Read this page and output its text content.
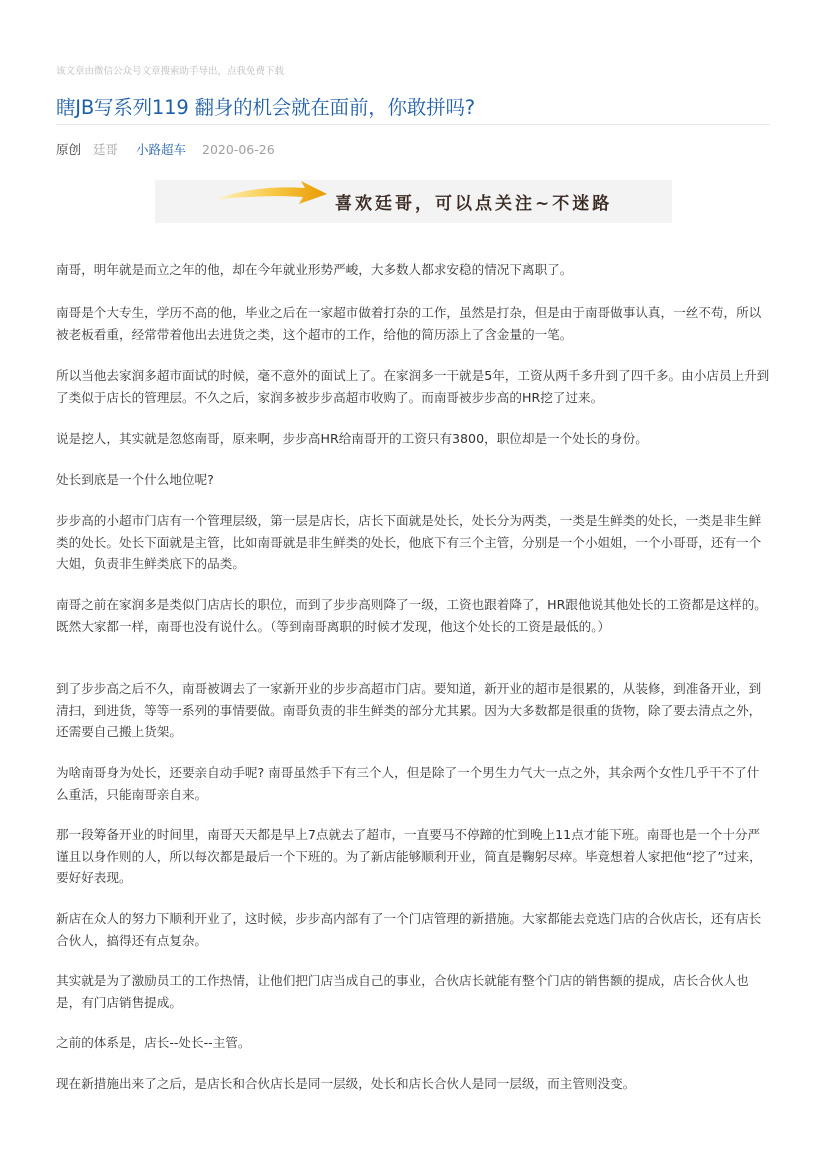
该文章由微信公众号文章搜索助手导出，点我免费下载
瞎JB写系列119 翻身的机会就在面前，你敢拼吗?
原创 廷哥 小路超车 2020-06-26
喜欢廷哥，可以点关注~不迷路

南哥，明年就是而立之年的他，却在今年就业形势严峻，大多数人都求安稳的情况下离职了。

南哥是个大专生，学历不高的他，毕业之后在一家超市做着打杂的工作，虽然是打杂，但是由于南哥做事认真，一丝不苟，所以被老板看重，经常带着他出去进货之类，这个超市的工作，给他的简历添上了含金量的一笔。

所以当他去家润多超市面试的时候，毫不意外的面试上了。在家润多一干就是5年，工资从两千多升到了四千多。由小店员上升到了类似于店长的管理层。不久之后，家润多被步步高超市收购了。而南哥被步步高的HR挖了过来。

说是挖人，其实就是忽悠南哥，原来啊，步步高HR给南哥开的工资只有3800，职位却是一个处长的身份。

处长到底是一个什么地位呢?

步步高的小超市门店有一个管理层级，第一层是店长，店长下面就是处长，处长分为两类，一类是生鲜类的处长，一类是非生鲜类的处长。处长下面就是主管，比如南哥就是非生鲜类的处长，他底下有三个主管，分别是一个小姐姐，一个小哥哥，还有一个大姐，负责非生鲜类底下的品类。

南哥之前在家润多是类似门店店长的职位，而到了步步高则降了一级，工资也跟着降了，HR跟他说其他处长的工资都是这样的。既然大家都一样，南哥也没有说什么。（等到南哥离职的时候才发现，他这个处长的工资是最低的。）

到了步步高之后不久，南哥被调去了一家新开业的步步高超市门店。要知道，新开业的超市是很累的，从装修，到准备开业，到清扫，到进货，等等一系列的事情要做。南哥负责的非生鲜类的部分尤其累。因为大多数都是很重的货物，除了要去清点之外，还需要自己搬上货架。

为啥南哥身为处长，还要亲自动手呢? 南哥虽然手下有三个人，但是除了一个男生力气大一点之外，其余两个女性几乎干不了什么重活，只能南哥亲自来。

那一段筹备开业的时间里，南哥天天都是早上7点就去了超市，一直要马不停蹄的忙到晚上11点才能下班。南哥也是一个十分严谨且以身作则的人，所以每次都是最后一个下班的。为了新店能够顺利开业，简直是鞠躬尽瘁。毕竟想着人家把他“挖了”过来，要好好表现。

新店在众人的努力下顺利开业了，这时候，步步高内部有了一个门店管理的新措施。大家都能去竞选门店的合伙店长，还有店长合伙人，搞得还有点复杂。

其实就是为了激励员工的工作热情，让他们把门店当成自己的事业，合伙店长就能有整个门店的销售额的提成，店长合伙人也是，有门店销售提成。

之前的体系是，店长--处长--主管。

现在新措施出来了之后，是店长和合伙店长是同一层级，处长和店长合伙人是同一层级，而主管则没变。
